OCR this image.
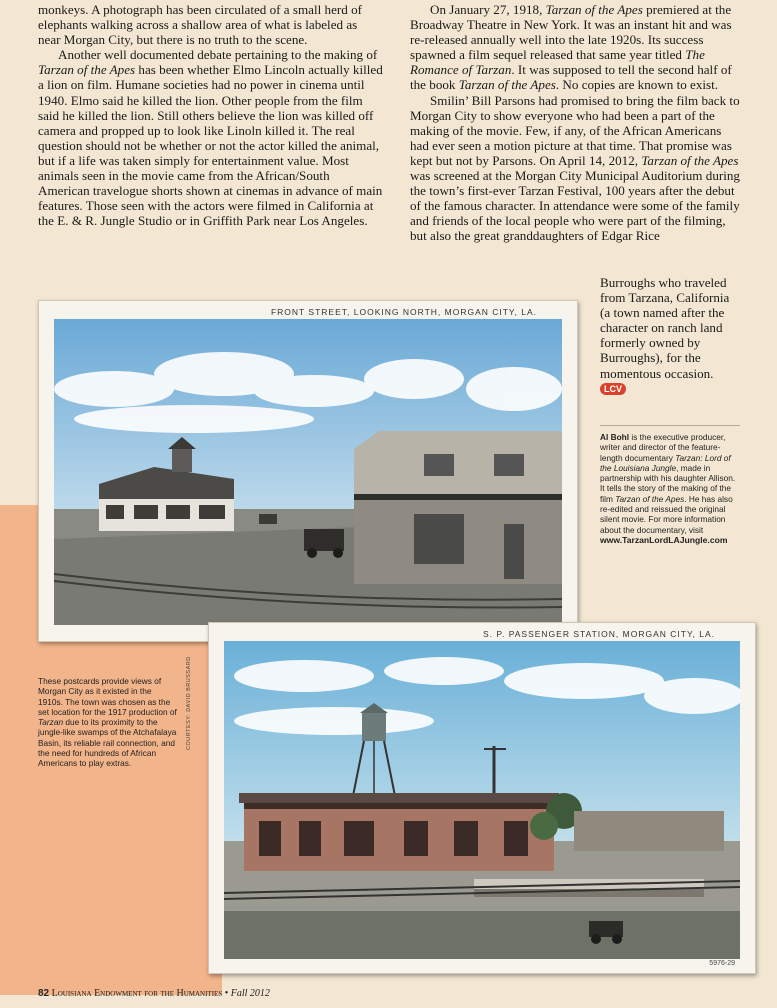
monkeys. A photograph has been circulated of a small herd of elephants walking across a shallow area of what is labeled as near Morgan City, but there is no truth to the scene.

Another well documented debate pertaining to the making of Tarzan of the Apes has been whether Elmo Lincoln actually killed a lion on film. Humane societies had no power in cinema until 1940. Elmo said he killed the lion. Other people from the film said he killed the lion. Still others believe the lion was killed off camera and propped up to look like Linoln killed it. The real question should not be whether or not the actor killed the animal, but if a life was taken simply for entertainment value. Most animals seen in the movie came from the African/South American travelogue shorts shown at cinemas in advance of main features. Those seen with the actors were filmed in California at the E. & R. Jungle Studio or in Griffith Park near Los Angeles.

On January 27, 1918, Tarzan of the Apes premiered at the Broadway Theatre in New York. It was an instant hit and was re-released annually well into the late 1920s. Its success spawned a film sequel released that same year titled The Romance of Tarzan. It was supposed to tell the second half of the book Tarzan of the Apes. No copies are known to exist.

Smilin’ Bill Parsons had promised to bring the film back to Morgan City to show everyone who had been a part of the making of the movie. Few, if any, of the African Americans had ever seen a motion picture at that time. That promise was kept but not by Parsons. On April 14, 2012, Tarzan of the Apes was screened at the Morgan City Municipal Auditorium during the town’s first-ever Tarzan Festival, 100 years after the debut of the famous character. In attendance were some of the family and friends of the local people who were part of the filming, but also the great granddaughters of Edgar Rice

Burroughs who traveled from Tarzana, California (a town named after the character on ranch land formerly owned by Burroughs), for the momentous occasion. LCV

FRONT STREET, LOOKING NORTH, MORGAN CITY, LA.
S. P. PASSENGER STATION, MORGAN CITY, LA.
5976-29
COURTESY: DAVID BRUSSARD
These postcards provide views of Morgan City as it existed in the 1910s. The town was chosen as the set location for the 1917 production of Tarzan due to its proximity to the jungle-like swamps of the Atchafalaya Basin, its reliable rail connection, and the need for hundreds of African Americans to play extras.
Al Bohl is the executive producer, writer and director of the feature-length documentary Tarzan: Lord of the Louisiana Jungle, made in partnership with his daughter Allison. It tells the story of the making of the film Tarzan of the Apes. He has also re-edited and reissued the original silent movie. For more information about the documentary, visit
www.TarzanLordLAJungle.com
82 Louisiana Endowment for the Humanities • Fall 2012
